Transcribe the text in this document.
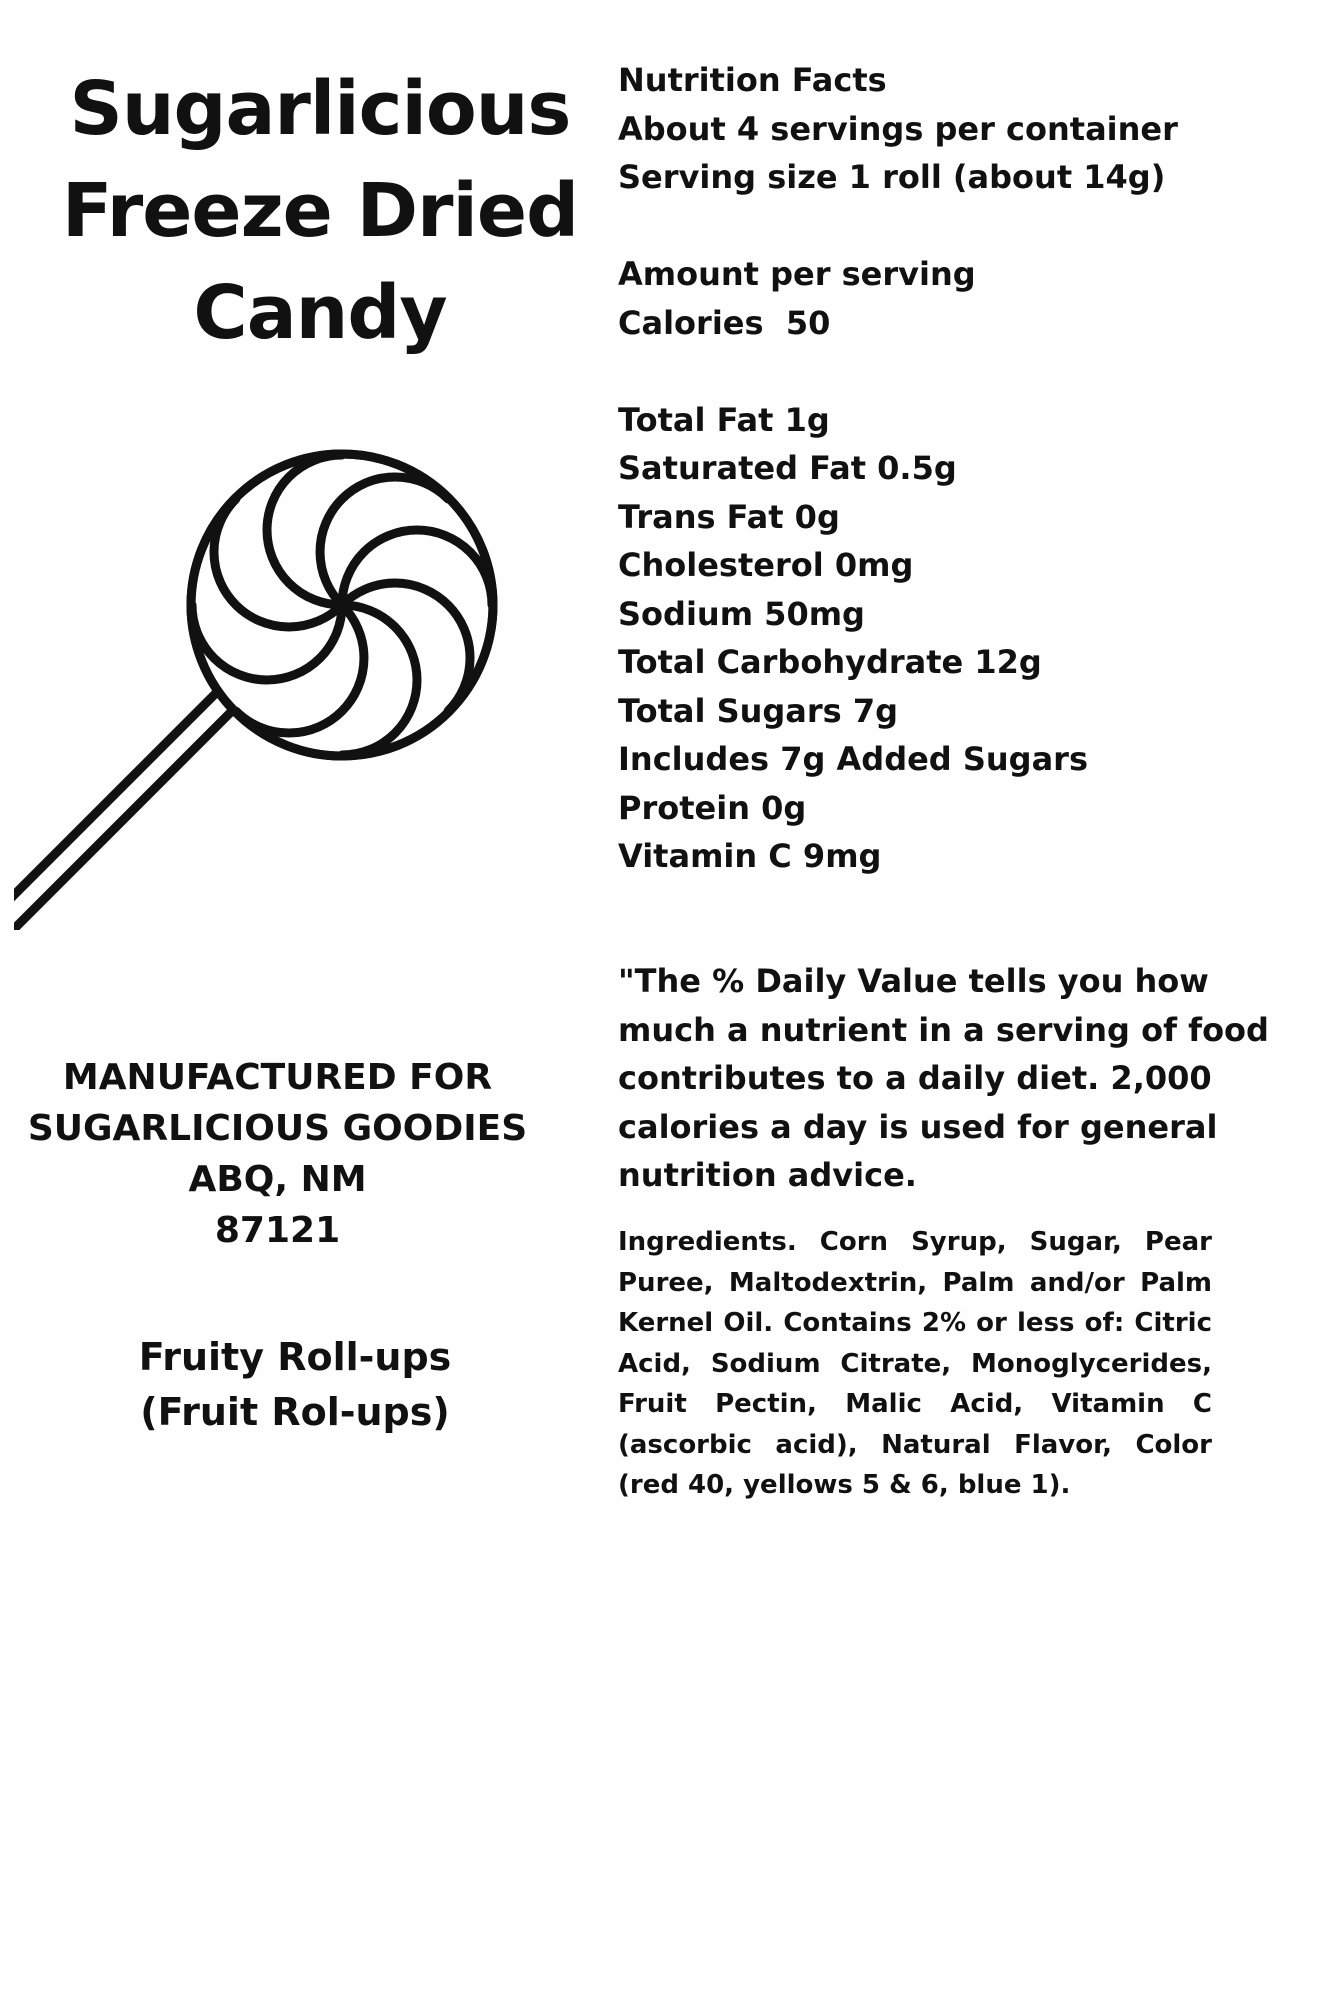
Sugarlicious
Freeze Dried
Candy
MANUFACTURED FOR
SUGARLICIOUS GOODIES
ABQ, NM
87121
Fruity Roll-ups
(Fruit Rol-ups)
Nutrition Facts
About 4 servings per container
Serving size 1 roll (about 14g)
Amount per serving
Calories  50
Total Fat 1g
Saturated Fat 0.5g
Trans Fat 0g
Cholesterol 0mg
Sodium 50mg
Total Carbohydrate 12g
Total Sugars 7g
Includes 7g Added Sugars
Protein 0g
Vitamin C 9mg

"The % Daily Value tells you how much a nutrient in a serving of food contributes to a daily diet. 2,000 calories a day is used for general nutrition advice.

Ingredients. Corn Syrup, Sugar, Pear Puree, Maltodextrin, Palm and/or Palm Kernel Oil. Contains 2% or less of: Citric Acid, Sodium Citrate, Monoglycerides, Fruit Pectin, Malic Acid, Vitamin C (ascorbic acid), Natural Flavor, Color (red 40, yellows 5 & 6, blue 1).
